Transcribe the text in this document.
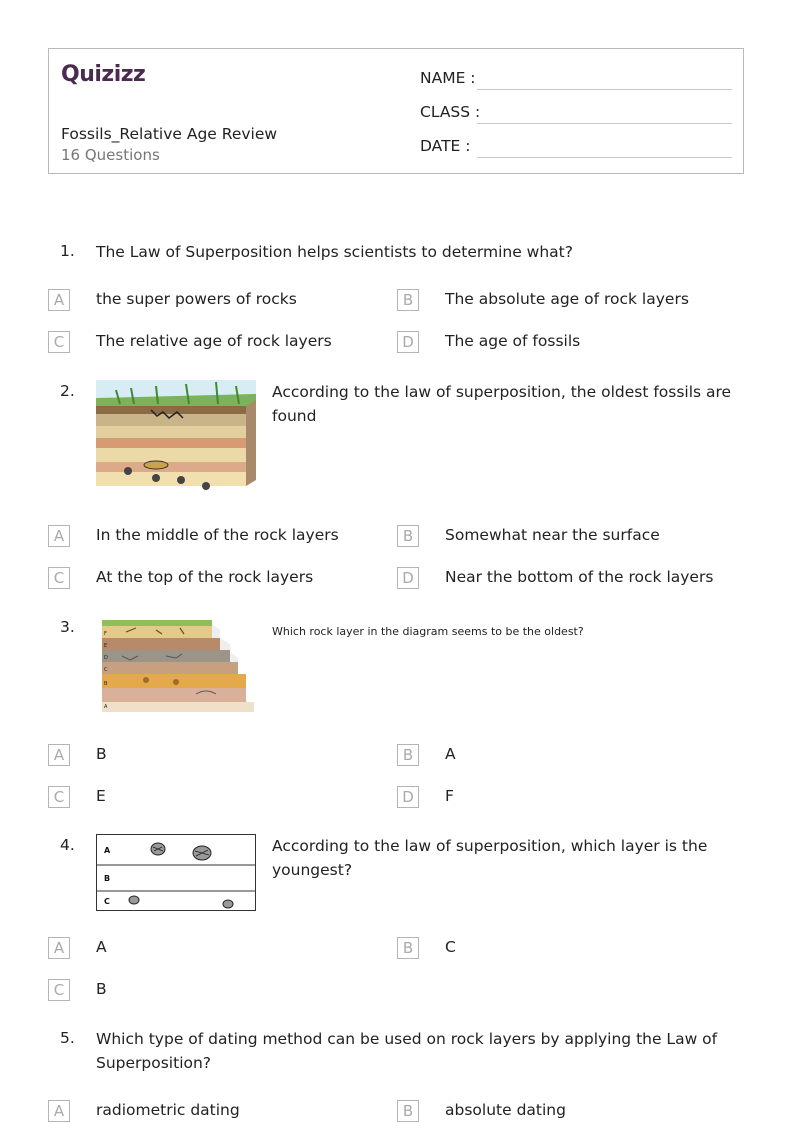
Quizizz
Fossils_Relative Age Review
16 Questions
NAME :
CLASS :
DATE :
1. The Law of Superposition helps scientists to determine what?
A	the super powers of rocks	B	The absolute age of rock layers
C	The relative age of rock layers	D	The age of fossils
2.	According to the law of superposition, the oldest fossils are found
A	In the middle of the rock layers	B	Somewhat near the surface
C	At the top of the rock layers	D	Near the bottom of the rock layers
3.	F
E
D
C
B
A
Which rock layer in the diagram seems to be the oldest?
A	B	B	A
C	E	D	F
4.	A
B
C
According to the law of superposition, which layer is the youngest?
A	A	B	C
C	B
5. Which type of dating method can be used on rock layers by applying the Law of Superposition?
A	radiometric dating	B	absolute dating
